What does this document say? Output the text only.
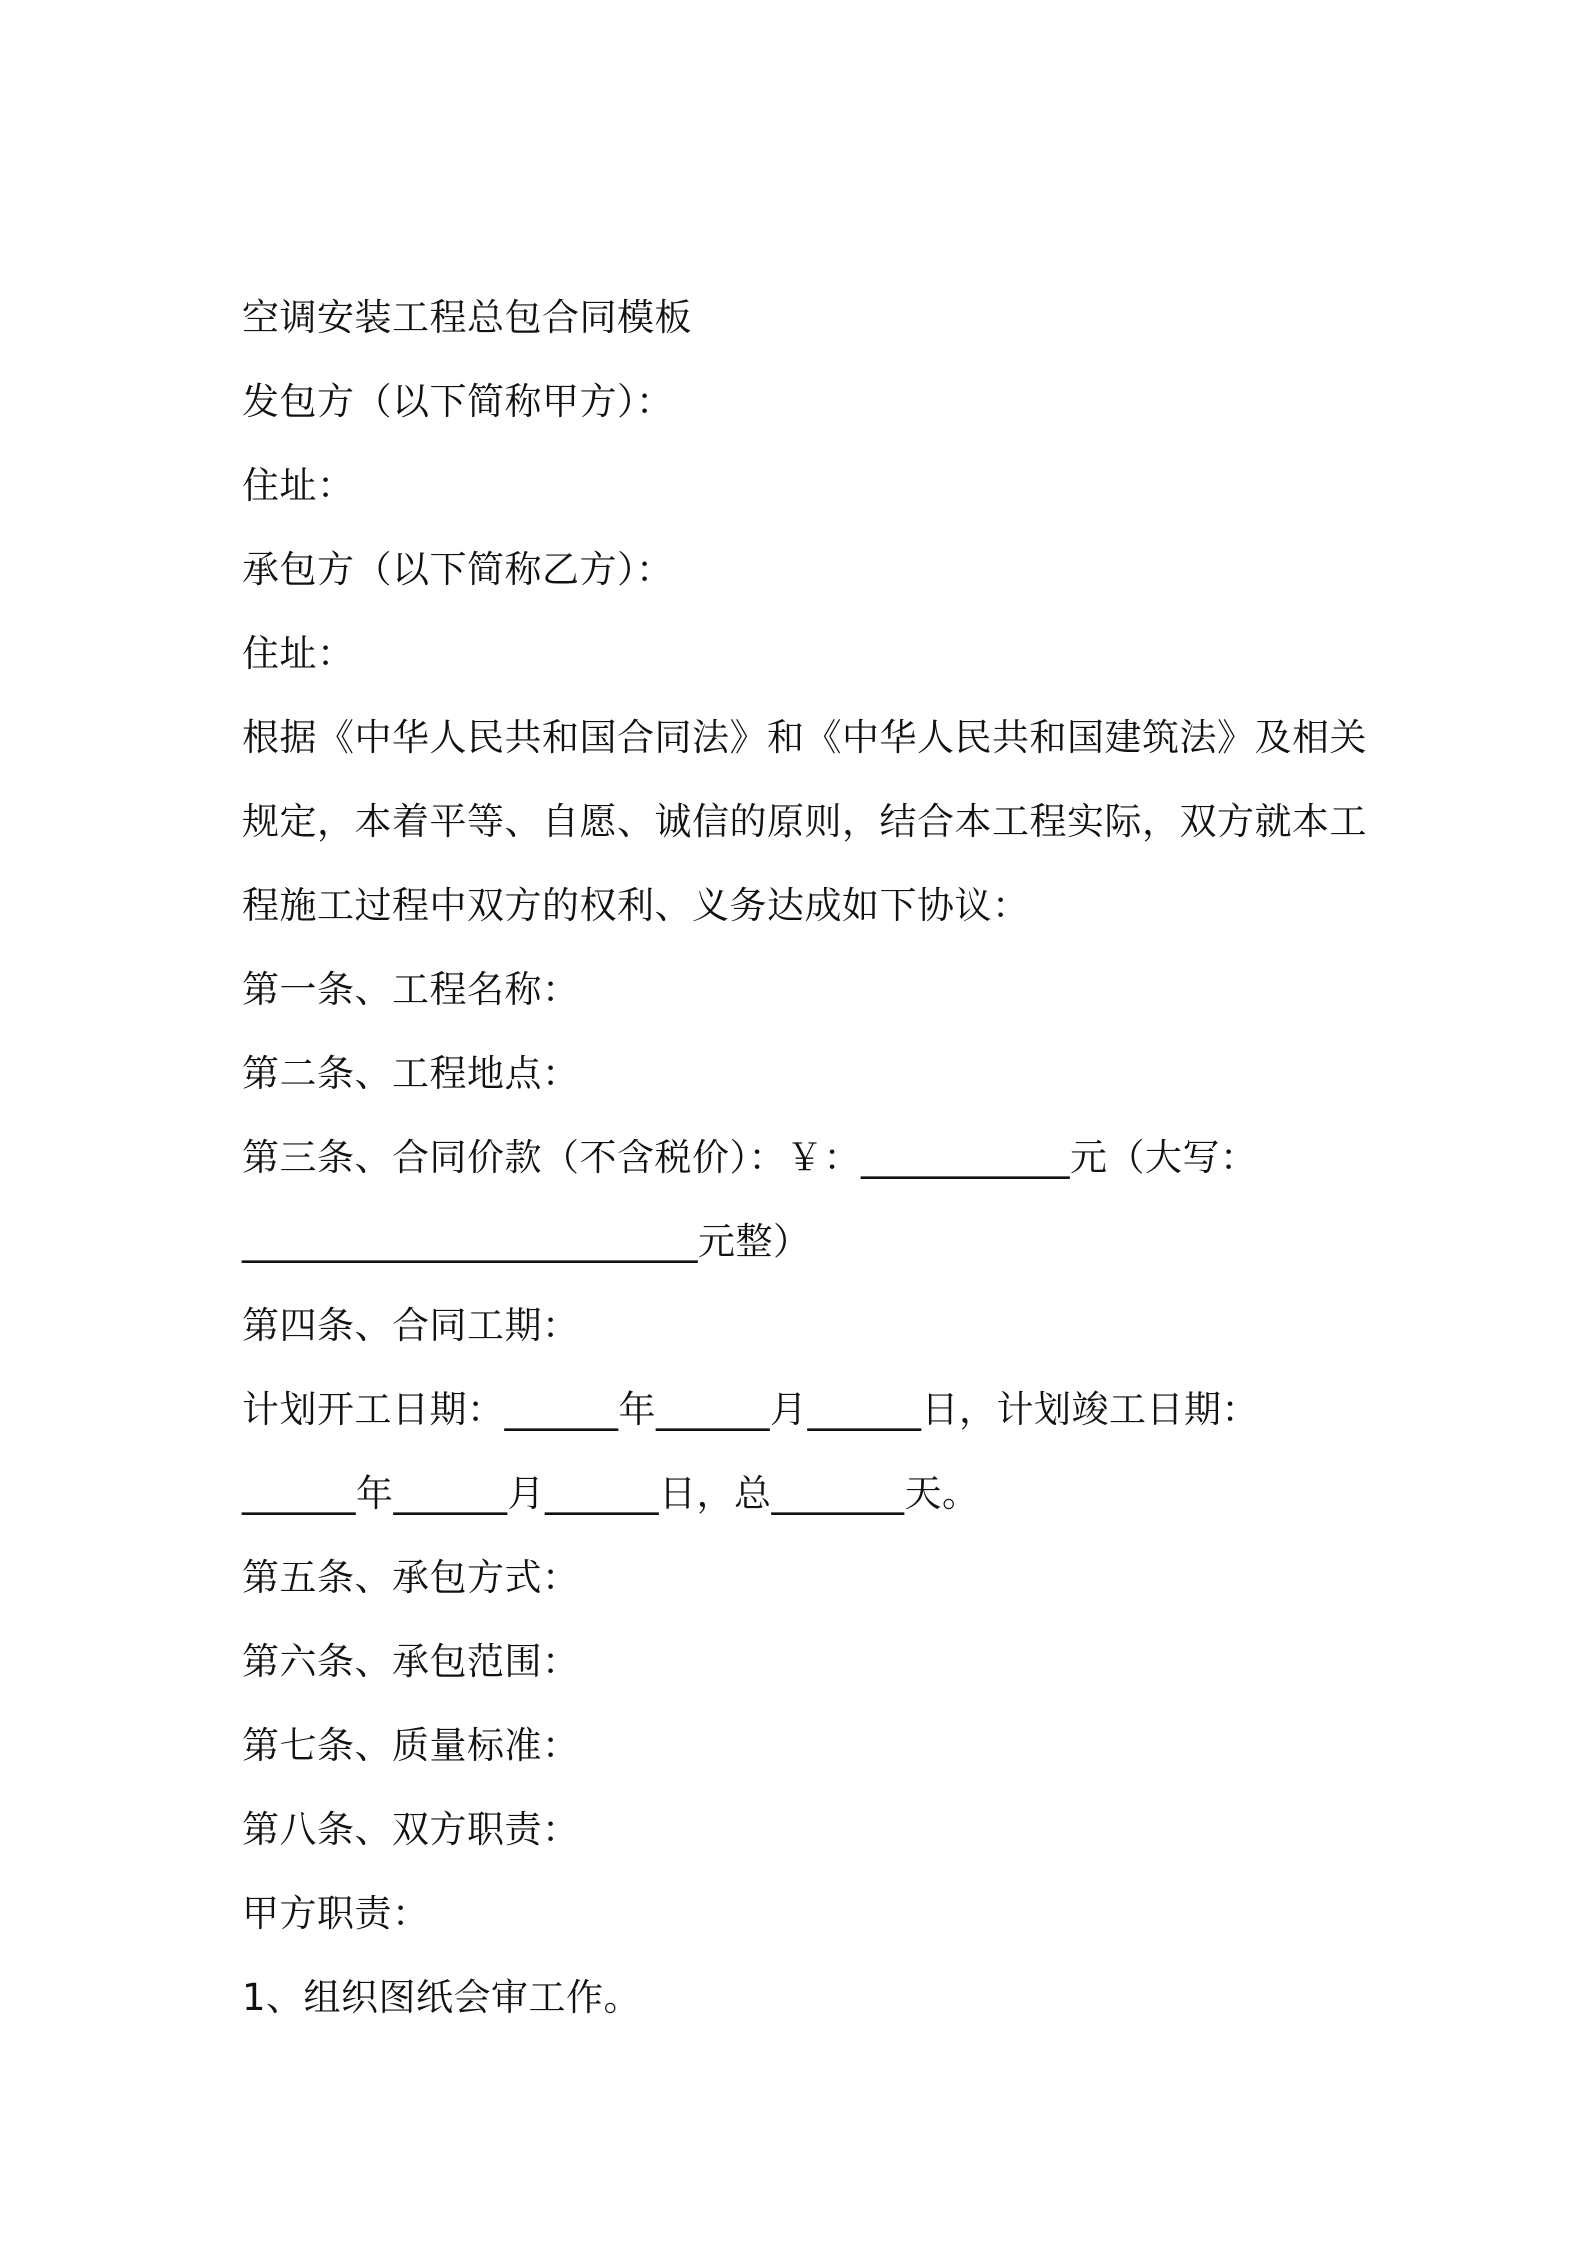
空调安装工程总包合同模板
发包方（以下简称甲方）：
住址：
承包方（以下简称乙方）：
住址：
根据《中华人民共和国合同法》和《中华人民共和国建筑法》及相关
规定，本着平等、自愿、诚信的原则，结合本工程实际，双方就本工
程施工过程中双方的权利、义务达成如下协议：
第一条、工程名称：
第二条、工程地点：
第三条、合同价款（不含税价）：￥：___________元（大写：
________________________元整）
第四条、合同工期：
计划开工日期：______年______月______日，计划竣工日期：
______年______月______日，总_______天。
第五条、承包方式：
第六条、承包范围：
第七条、质量标准：
第八条、双方职责：
甲方职责：
1、组织图纸会审工作。
